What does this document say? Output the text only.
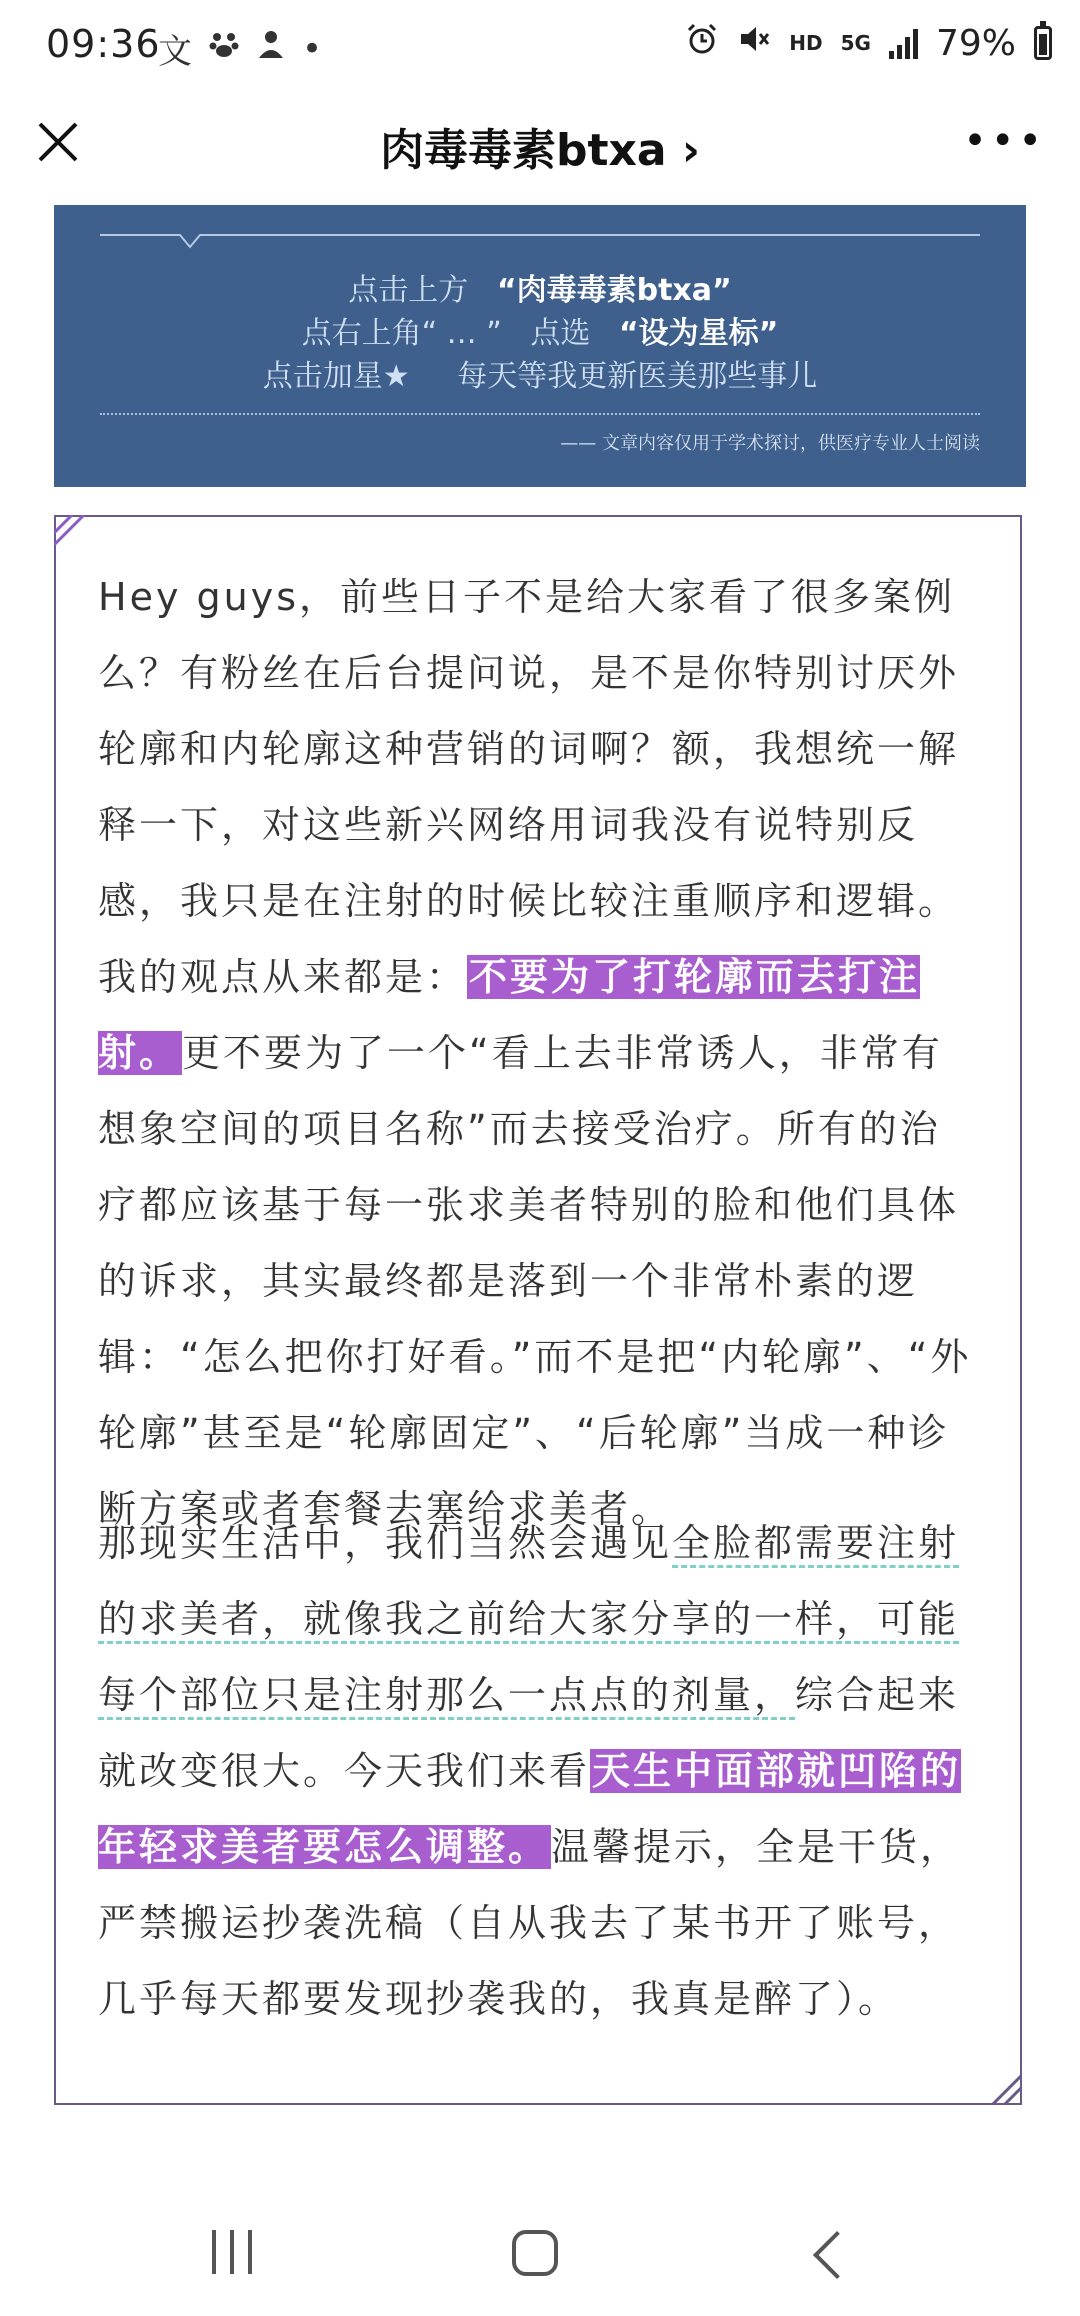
09:36
文	•	HD 5G 79%
肉毒毒素btxa ›	•••
点击上方 “肉毒毒素btxa”
点右上角“ … ” 点选 “设为星标”
点击加星★ 每天等我更新医美那些事儿
—— 文章内容仅用于学术探讨，供医疗专业人士阅读
Hey guys，前些日子不是给大家看了很多案例么？有粉丝在后台提问说，是不是你特别讨厌外轮廓和内轮廓这种营销的词啊？额，我想统一解释一下，对这些新兴网络用词我没有说特别反感，我只是在注射的时候比较注重顺序和逻辑。我的观点从来都是：不要为了打轮廓而去打注射。更不要为了一个“看上去非常诱人，非常有想象空间的项目名称”而去接受治疗。所有的治疗都应该基于每一张求美者特别的脸和他们具体的诉求，其实最终都是落到一个非常朴素的逻辑：“怎么把你打好看。”而不是把“内轮廓”、“外轮廓”甚至是“轮廓固定”、“后轮廓”当成一种诊断方案或者套餐去塞给求美者。
那现实生活中，我们当然会遇见全脸都需要注射的求美者，就像我之前给大家分享的一样，可能每个部位只是注射那么一点点的剂量，综合起来就改变很大。今天我们来看天生中面部就凹陷的年轻求美者要怎么调整。温馨提示，全是干货，严禁搬运抄袭洗稿（自从我去了某书开了账号，几乎每天都要发现抄袭我的，我真是醉了）。
